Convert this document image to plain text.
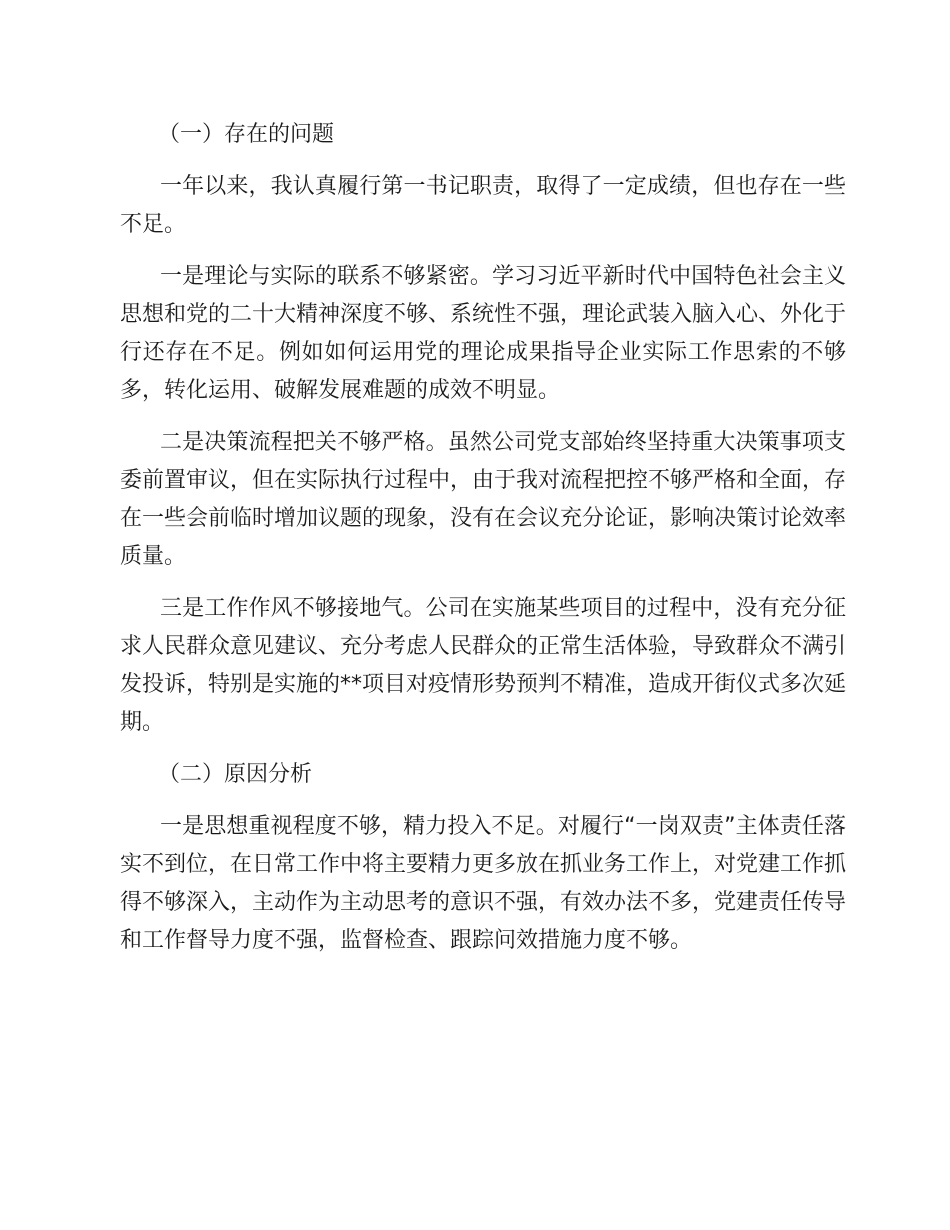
（一）存在的问题

一年以来，我认真履行第一书记职责，取得了一定成绩，但也存在一些不足。

一是理论与实际的联系不够紧密。学习习近平新时代中国特色社会主义思想和党的二十大精神深度不够、系统性不强，理论武装入脑入心、外化于行还存在不足。例如如何运用党的理论成果指导企业实际工作思索的不够多，转化运用、破解发展难题的成效不明显。

二是决策流程把关不够严格。虽然公司党支部始终坚持重大决策事项支委前置审议，但在实际执行过程中，由于我对流程把控不够严格和全面，存在一些会前临时增加议题的现象，没有在会议充分论证，影响决策讨论效率质量。

三是工作作风不够接地气。公司在实施某些项目的过程中，没有充分征求人民群众意见建议、充分考虑人民群众的正常生活体验，导致群众不满引发投诉，特别是实施的**项目对疫情形势预判不精准，造成开街仪式多次延期。

（二）原因分析

一是思想重视程度不够，精力投入不足。对履行“一岗双责”主体责任落实不到位，在日常工作中将主要精力更多放在抓业务工作上，对党建工作抓得不够深入，主动作为主动思考的意识不强，有效办法不多，党建责任传导和工作督导力度不强，监督检查、跟踪问效措施力度不够。
